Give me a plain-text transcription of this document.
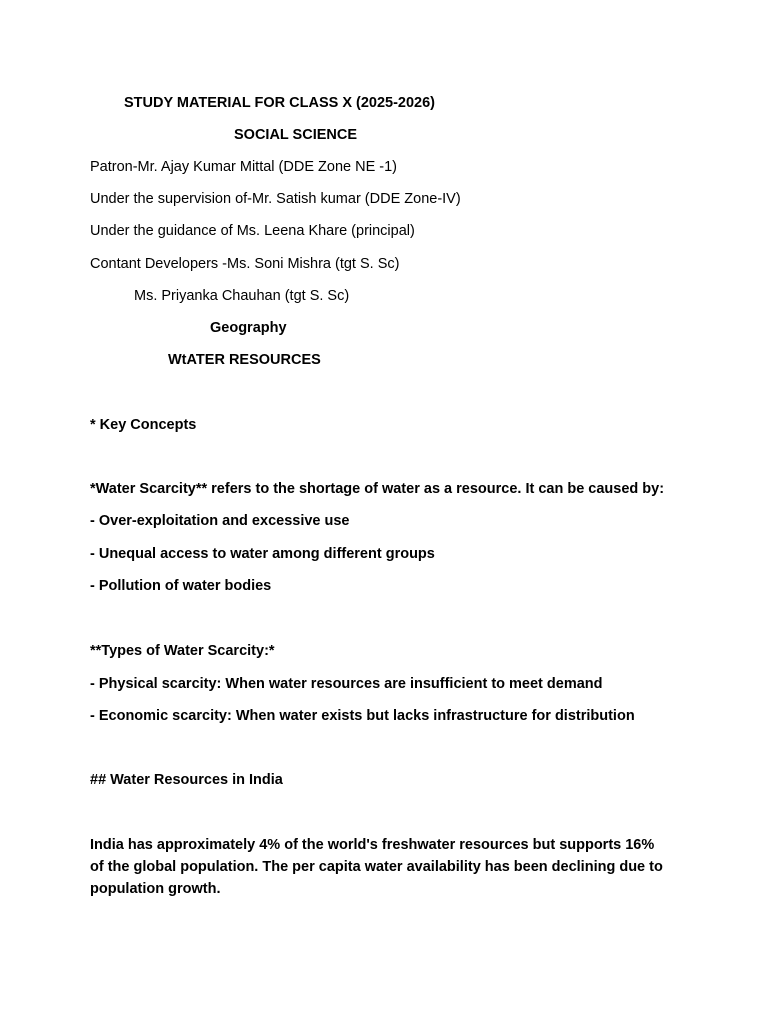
STUDY MATERIAL FOR CLASS X (2025-2026)
SOCIAL SCIENCE
Patron-Mr. Ajay Kumar Mittal (DDE Zone NE -1)
Under the supervision of-Mr. Satish kumar (DDE Zone-IV)
Under the guidance of Ms. Leena Khare (principal)
Contant Developers -Ms. Soni Mishra (tgt S. Sc)
Ms. Priyanka Chauhan (tgt S. Sc)
Geography
WtATER RESOURCES
* Key Concepts
*Water Scarcity** refers to the shortage of water as a resource. It can be caused by:
- Over-exploitation and excessive use
- Unequal access to water among different groups
- Pollution of water bodies
**Types of Water Scarcity:*
- Physical scarcity: When water resources are insufficient to meet demand
- Economic scarcity: When water exists but lacks infrastructure for distribution
## Water Resources in India
India has approximately 4% of the world's freshwater resources but supports 16% of the global population. The per capita water availability has been declining due to population growth.
